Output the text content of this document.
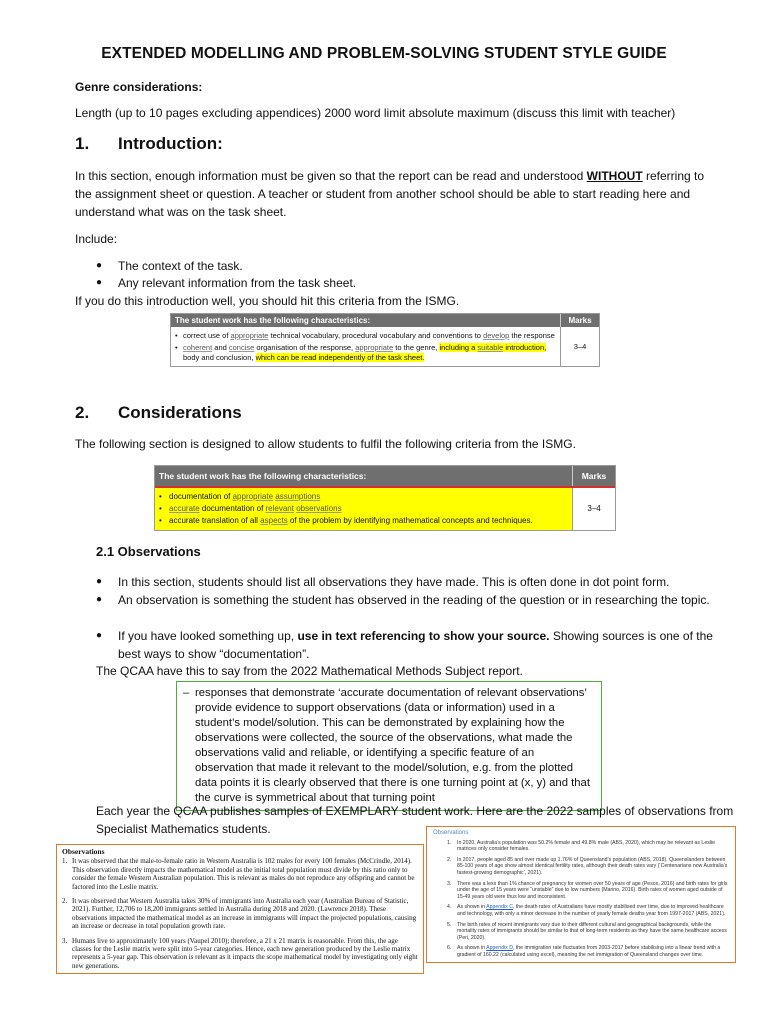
EXTENDED MODELLING AND PROBLEM-SOLVING STUDENT STYLE GUIDE
Genre considerations:
Length (up to 10 pages excluding appendices) 2000 word limit absolute maximum (discuss this limit with teacher)
1. Introduction:
In this section, enough information must be given so that the report can be read and understood WITHOUT referring to the assignment sheet or question. A teacher or student from another school should be able to start reading here and understand what was on the task sheet.
Include:
●	The context of the task.
●	Any relevant information from the task sheet.
If you do this introduction well, you should hit this criteria from the ISMG.
The student work has the following characteristics:	Marks
• correct use of appropriate technical vocabulary, procedural vocabulary and conventions to develop the response
• coherent and concise organisation of the response, appropriate to the genre, including a suitable introduction, body and conclusion, which can be read independently of the task sheet.
3–4
2. Considerations
The following section is designed to allow students to fulfil the following criteria from the ISMG.
The student work has the following characteristics:	Marks
• documentation of appropriate assumptions
• accurate documentation of relevant observations
• accurate translation of all aspects of the problem by identifying mathematical concepts and techniques.
3–4
2.1 Observations
●	In this section, students should list all observations they have made. This is often done in dot point form.
●	An observation is something the student has observed in the reading of the question or in researching the topic.
●	If you have looked something up, use in text referencing to show your source. Showing sources is one of the best ways to show “documentation”.
The QCAA have this to say from the 2022 Mathematical Methods Subject report.
– responses that demonstrate ‘accurate documentation of relevant observations’ provide evidence to support observations (data or information) used in a student’s model/solution. This can be demonstrated by explaining how the observations were collected, the source of the observations, what made the observations valid and reliable, or identifying a specific feature of an observation that made it relevant to the model/solution, e.g. from the plotted data points it is clearly observed that there is one turning point at (x, y) and that the curve is symmetrical about that turning point
Each year the QCAA publishes samples of EXEMPLARY student work. Here are the 2022 samples of observations from Specialist Mathematics students.
Observations
1. It was observed that the male-to-female ratio in Western Australia is 102 males for every 100 females (McCrindle, 2014). This observation directly impacts the mathematical model as the initial total population must divide by this ratio only to consider the female Western Australian population. This is relevant as males do not reproduce any offspring and cannot be factored into the Leslie matrix.
2. It was observed that Western Australia takes 30% of immigrants into Australia each year (Australian Bureau of Statistic, 2021). Further, 12,706 to 18,200 immigrants settled in Australia during 2018 and 2020. (Lawrence 2018). These observations impacted the mathematical model as an increase in immigrants will impact the projected populations, causing an increase or decrease in total population growth rate.
3. Humans live to approximately 100 years (Vaupel 2010); therefore, a 21 x 21 matrix is reasonable. From this, the age classes for the Leslie matrix were split into 5-year categories. Hence, each new generation produced by the Leslie matrix represents a 5-year gap. This observation is relevant as it impacts the scope mathematical model by investigating only eight new generations.
Observations
1.	In 2020, Australia’s population was 50.2% female and 49.8% male (ABS, 2020), which may be relevant as Leslie matrices only consider females.
2.	In 2017, people aged 85 and over made up 1.76% of Queensland’s population (ABS, 2018). Queenslanders between 85-100 years of age show almost identical fertility rates, although their death rates vary (‘Centenarians now Australia’s fastest-growing demographic’, 2021).
3.	There was a less than 1% chance of pregnancy for women over 50 years of age (Pesce, 2016) and birth rates for girls under the age of 15 years were “unstable” due to low numbers (Marino, 2016). Birth rates of women aged outside of 15-49 years old were thus low and inconsistent.
4.	As shown in Appendix C, the death rates of Australians have mostly stabilised over time, due to improved healthcare and technology, with only a minor decrease in the number of yearly female deaths year from 1997-2017 (ABS, 2021).
5.	The birth rates of recent immigrants vary due to their different cultural and geographical backgrounds, while the mortality rates of immigrants should be similar to that of long-term residents as they have the same healthcare access (Peri, 2020).
6.	As shown in Appendix D, the immigration rate fluctuates from 2003-2017 before stabilising into a linear trend with a gradient of 160.22 (calculated using excel), meaning the net immigration of Queensland changes over time.
